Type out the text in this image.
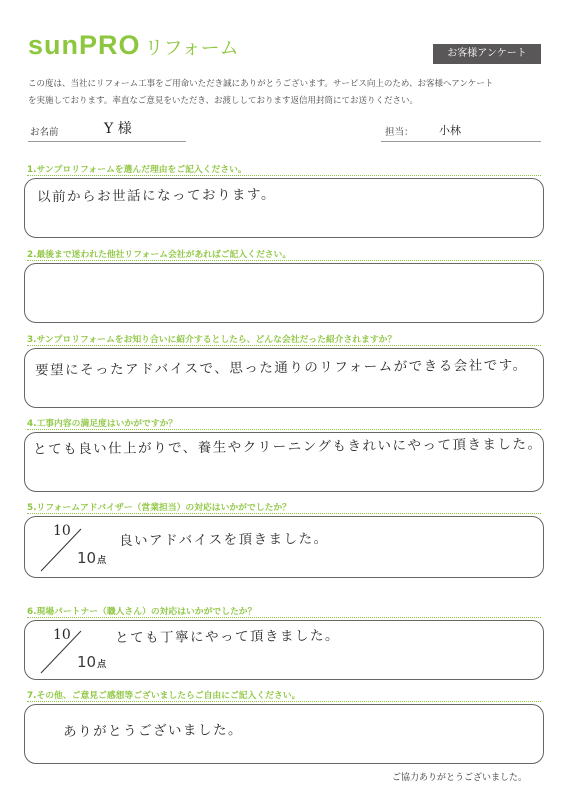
sunPRO リフォーム	お客様アンケート
この度は、当社にリフォーム工事をご用命いただき誠にありがとうございます。サービス向上のため、お客様へアンケート
を実施しております。率直なご意見をいただき、お渡ししております返信用封筒にてお送りください。
お名前	Y 様	担当： 小林
1.サンプロリフォームを選んだ理由をご記入ください。
以前からお世話になっております。
2.最後まで迷われた他社リフォーム会社があればご記入ください。
3.サンプロリフォームをお知り合いに紹介するとしたら、どんな会社だった紹介されますか？
要望にそったアドバイスで、思った通りのリフォームができる会社です。
4.工事内容の満足度はいかがですか？
とても良い仕上がりで、養生やクリーニングもきれいにやって頂きました。
5.リフォームアドバイザー（営業担当）の対応はいかがでしたか？
10
10点
良いアドバイスを頂きました。
6.現場パートナー（職人さん）の対応はいかがでしたか？
10
10点
とても丁寧にやって頂きました。
7.その他、ご意見ご感想等ございましたらご自由にご記入ください。
ありがとうございました。
ご協力ありがとうございました。
